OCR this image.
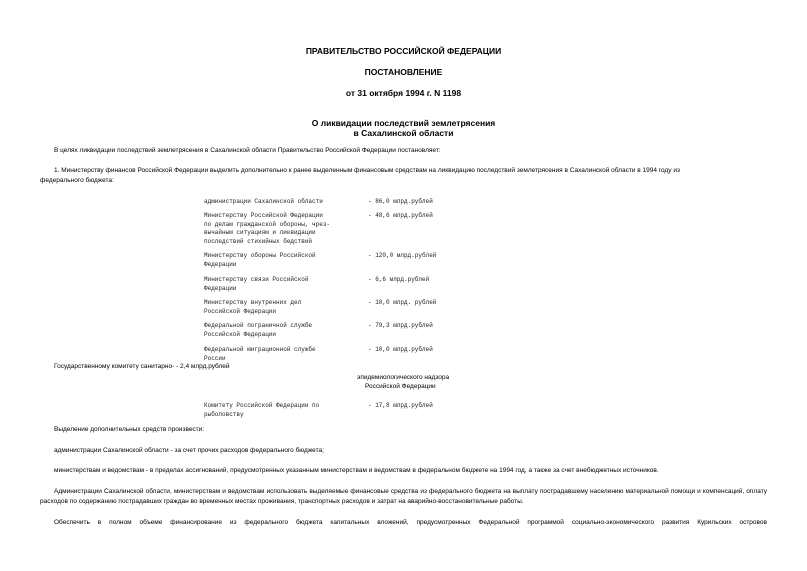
ПРАВИТЕЛЬСТВО РОССИЙСКОЙ ФЕДЕРАЦИИ
ПОСТАНОВЛЕНИЕ
от 31 октября 1994 г. N 1198
О ликвидации последствий землетрясения
в Сахалинской области
В целях ликвидации последствий землетрясения в Сахалинской области Правительство Российской Федерации постановляет:
1. Министерству финансов Российской Федерации выделить дополнительно к ранее выделенным финансовым средствам на ликвидацию последствий землетрясения в Сахалинской области в 1994 году из
федерального бюджета:
администрации Сахалинской области	- 86,0 млрд.рублей
Министерству Российской Федерации
по делам гражданской обороны, чрез-
вычайным ситуациям и ликвидации
последствий стихийных бедствий
- 48,6 млрд.рублей
Министерству обороны Российской
Федерации
- 120,0 млрд.рублей
Министерству связи Российской
Федерации
- 6,6 млрд.рублей
Министерству внутренних дел
Российской Федерации
- 10,0 млрд. рублей
Федеральной пограничной службе
Российской Федерации
- 79,3 млрд.рублей
Федеральной миграционной службе
России
- 10,0 млрд.рублей
Государственному комитету санитарно- - 2,4 млрд.рублей
эпидемиологического надзора
Российской Федерации
Комитету Российской Федерации по
рыболовству
- 17,8 млрд.рублей
Выделение дополнительных средств произвести:
администрации Сахалинской области - за счет прочих расходов федерального бюджета;
министерствам и ведомствам - в пределах ассигнований, предусмотренных указанным министерствам и ведомствам в федеральном бюджете на 1994 год, а также за счет внебюджетных источников.
Администрации Сахалинской области, министерствам и ведомствам использовать выделяемые финансовые средства из федерального бюджета на выплату пострадавшему населению материальной помощи и компенсаций, оплату расходов по содержанию пострадавших граждан во временных местах проживания, транспортных расходов и затрат на аварийно-восстановительные работы.
Обеспечить в полном объеме финансирование из федерального бюджета капитальных вложений, предусмотренных Федеральной программой социально-экономического развития Курильских островов
